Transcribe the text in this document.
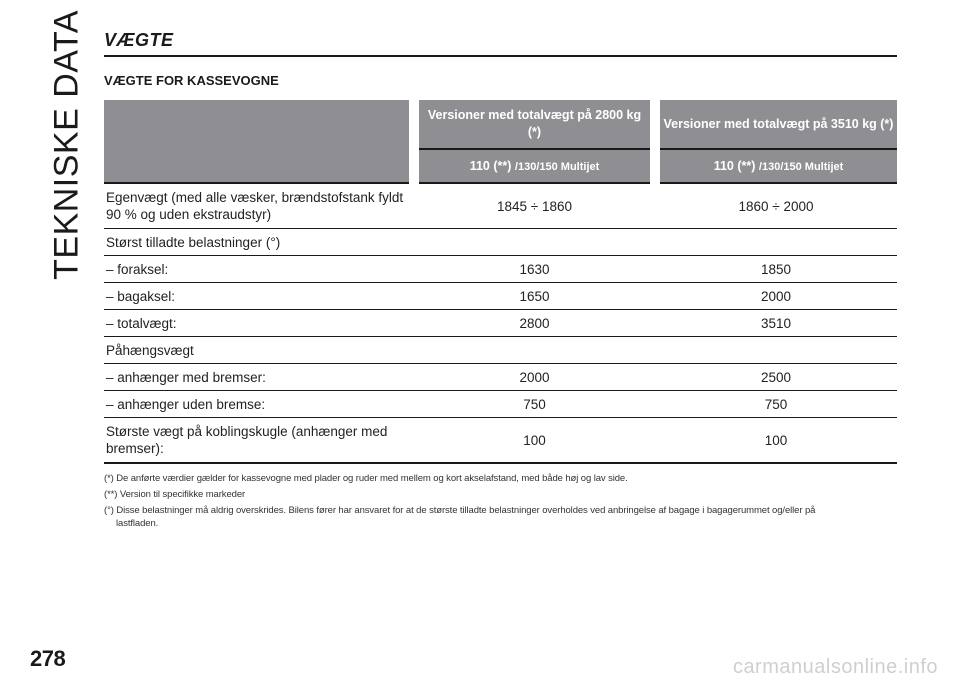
TEKNISKE DATA VÆGTE
VÆGTE FOR KASSEVOGNE
	Versioner med totalvægt på 2800 kg (*)	Versioner med totalvægt på 3510 kg (*)
	110 (**) /130/150 Multijet	110 (**) /130/150 Multijet
Egenvægt (med alle væsker, brændstofstank fyldt 90 % og uden ekstraudstyr)	1845 ÷ 1860	1860 ÷ 2000
Størst tilladte belastninger (°)		
– foraksel:	1630	1850
– bagaksel:	1650	2000
– totalvægt:	2800	3510
Påhængsvægt		
– anhænger med bremser:	2000	2500
– anhænger uden bremse:	750	750
Største vægt på koblingskugle (anhænger med bremser):	100	100

(*) De anførte værdier gælder for kassevogne med plader og ruder med mellem og kort akselafstand, med både høj og lav side.

(**) Version til specifikke markeder

(°) Disse belastninger må aldrig overskrides. Bilens fører har ansvaret for at de største tilladte belastninger overholdes ved anbringelse af bagage i bagagerummet og/eller på

lastfladen.

278	carmanualsonline.info
